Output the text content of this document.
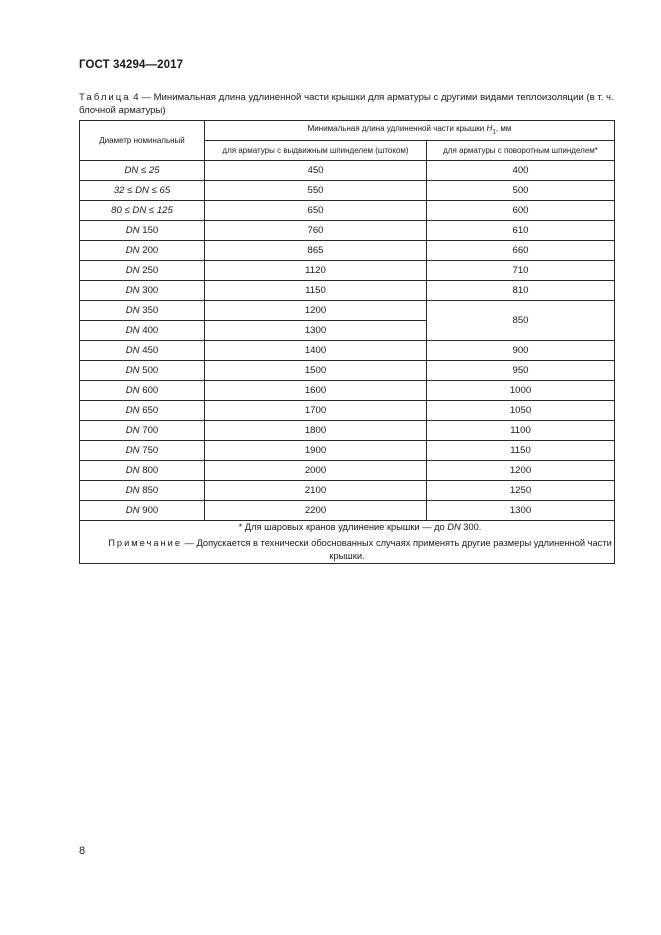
ГОСТ 34294—2017
Таблица 4 — Минимальная длина удлиненной части крышки для арматуры с другими видами теплоизоляции (в т. ч. блочной арматуры)
Диаметр номинальный	Минимальная длина удлиненной части крышки $H_1$, мм	
	для арматуры с выдвижным шпинделем (штоком)	для арматуры с поворотным шпинделем*
DN ≤ 25	450	400
32 ≤ DN ≤ 65	550	500
80 ≤ DN ≤ 125	650	600
DN 150	760	610
DN 200	865	660
DN 250	1120	710
DN 300	1150	810
DN 350	1200	850
DN 400	1300	
DN 450	1400	900
DN 500	1500	950
DN 600	1600	1000
DN 650	1700	1050
DN 700	1800	1100
DN 750	1900	1150
DN 800	2000	1200
DN 850	2100	1250
DN 900	2200	1300

* Для шаровых кранов удлинение крышки — до DN 300.

Примечание — Допускается в технически обоснованных случаях применять другие размеры удлиненной части крышки.		

8
